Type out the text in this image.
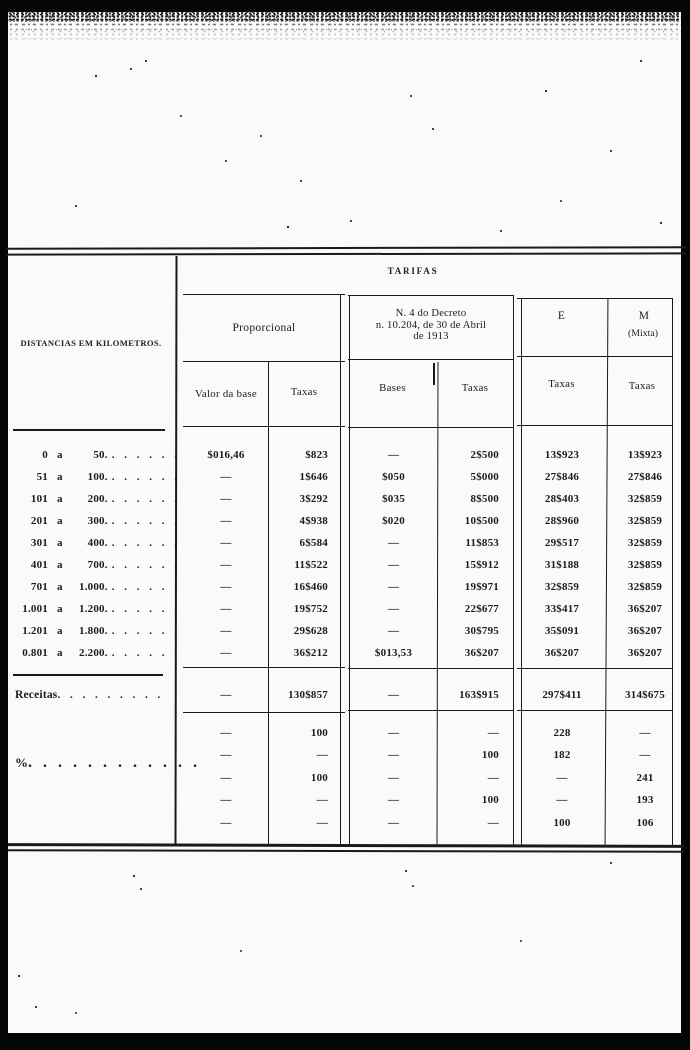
TARIFAS
DISTANCIAS EM KILOMETROS.
Proporcional
N. 4 do Decreto
n. 10.204, de 30 de Abril
de 1913
E	M
(Mixta)
Valor da base	Taxas	Bases	Taxas	Taxas	Taxas
0 a	50. . . . . . .	$016,46	$823	—	2$500	13$923	13$923
51 a 100. . . . . . .	—	1$646	$050	5$000	27$846	27$846
101 a 200. . . . . . .	—	3$292	$035	8$500	28$403	32$859
201 a 300. . . . . . .	—	4$938	$020	10$500	28$960	32$859
301 a 400. . . . . . .	—	6$584	—	11$853	29$517	32$859
401 a 700. . . . . . .	—	11$522	—	15$912	31$188	32$859
701 a 1.000. . . . . . .	—	16$460	—	19$971	32$859	32$859
1.001 a 1.200. . . . . . .	—	19$752	—	22$677	33$417	36$207
1.201 a 1.800. . . . . . .	—	29$628	—	30$795	35$091	36$207
0.801 a 2.200. . . . . . .	—	36$212	$013,53	36$207	36$207	36$207
Receitas. . . . . . . . .	—	130$857	—	163$915	297$411	314$675
%. . . . . . . . . . . .
—	100	—	—	228	—
—	—	—	100	182	—
—	100	—	—	—	241
—	—	—	100	—	193
—	—	—	—	100	106
